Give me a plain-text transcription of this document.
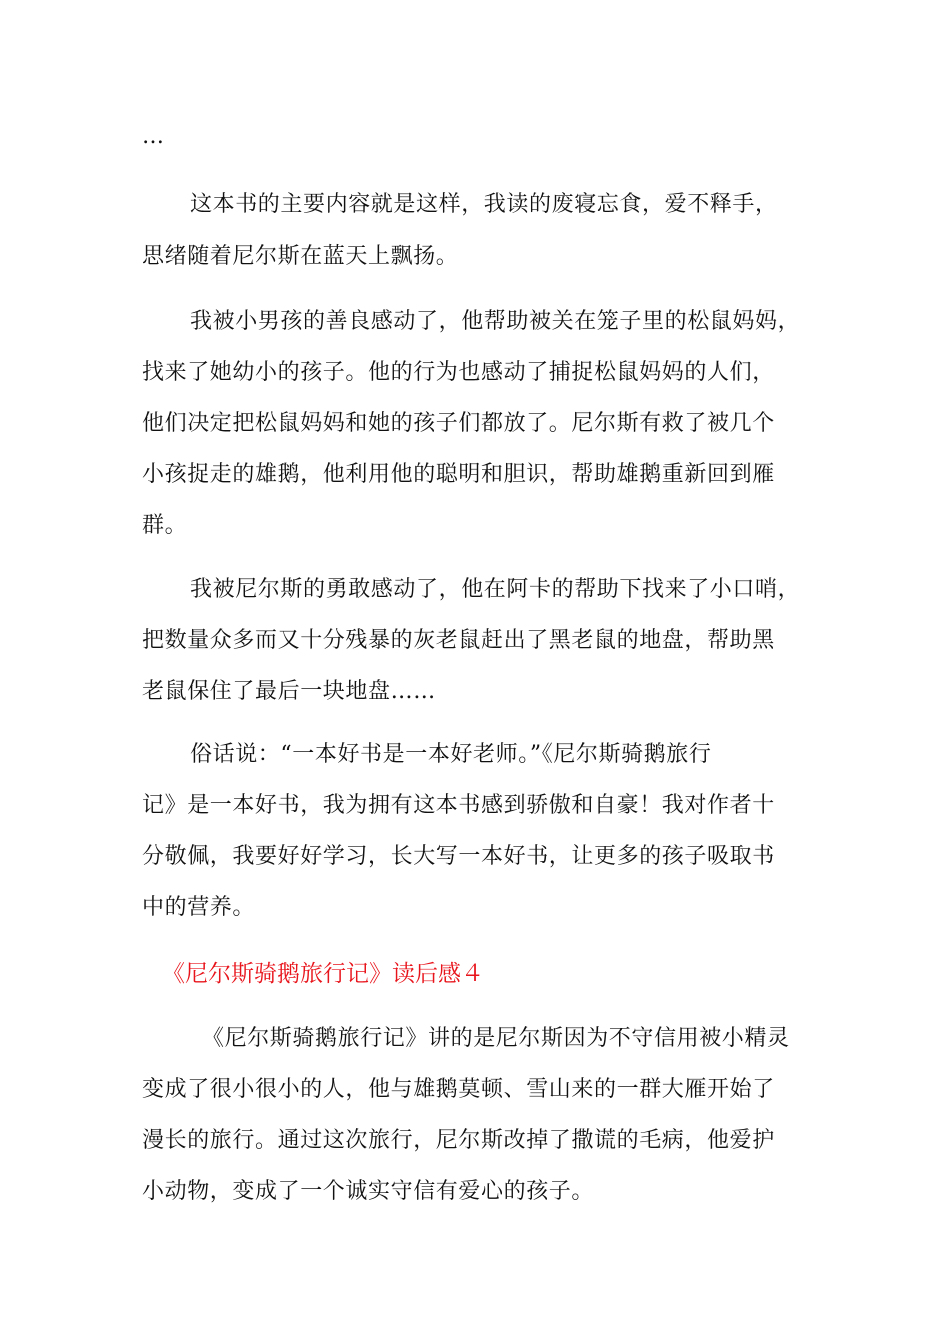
…
这本书的主要内容就是这样，我读的废寝忘食，爱不释手，
思绪随着尼尔斯在蓝天上飘扬。
我被小男孩的善良感动了，他帮助被关在笼子里的松鼠妈妈，
找来了她幼小的孩子。他的行为也感动了捕捉松鼠妈妈的人们，
他们决定把松鼠妈妈和她的孩子们都放了。尼尔斯有救了被几个
小孩捉走的雄鹅，他利用他的聪明和胆识，帮助雄鹅重新回到雁
群。
我被尼尔斯的勇敢感动了，他在阿卡的帮助下找来了小口哨，
把数量众多而又十分残暴的灰老鼠赶出了黑老鼠的地盘，帮助黑
老鼠保住了最后一块地盘……
俗话说：“一本好书是一本好老师。”《尼尔斯骑鹅旅行
记》是一本好书，我为拥有这本书感到骄傲和自豪！我对作者十
分敬佩，我要好好学习，长大写一本好书，让更多的孩子吸取书
中的营养。
《尼尔斯骑鹅旅行记》读后感４
《尼尔斯骑鹅旅行记》讲的是尼尔斯因为不守信用被小精灵
变成了很小很小的人，他与雄鹅莫顿、雪山来的一群大雁开始了
漫长的旅行。通过这次旅行，尼尔斯改掉了撒谎的毛病，他爱护
小动物，变成了一个诚实守信有爱心的孩子。
